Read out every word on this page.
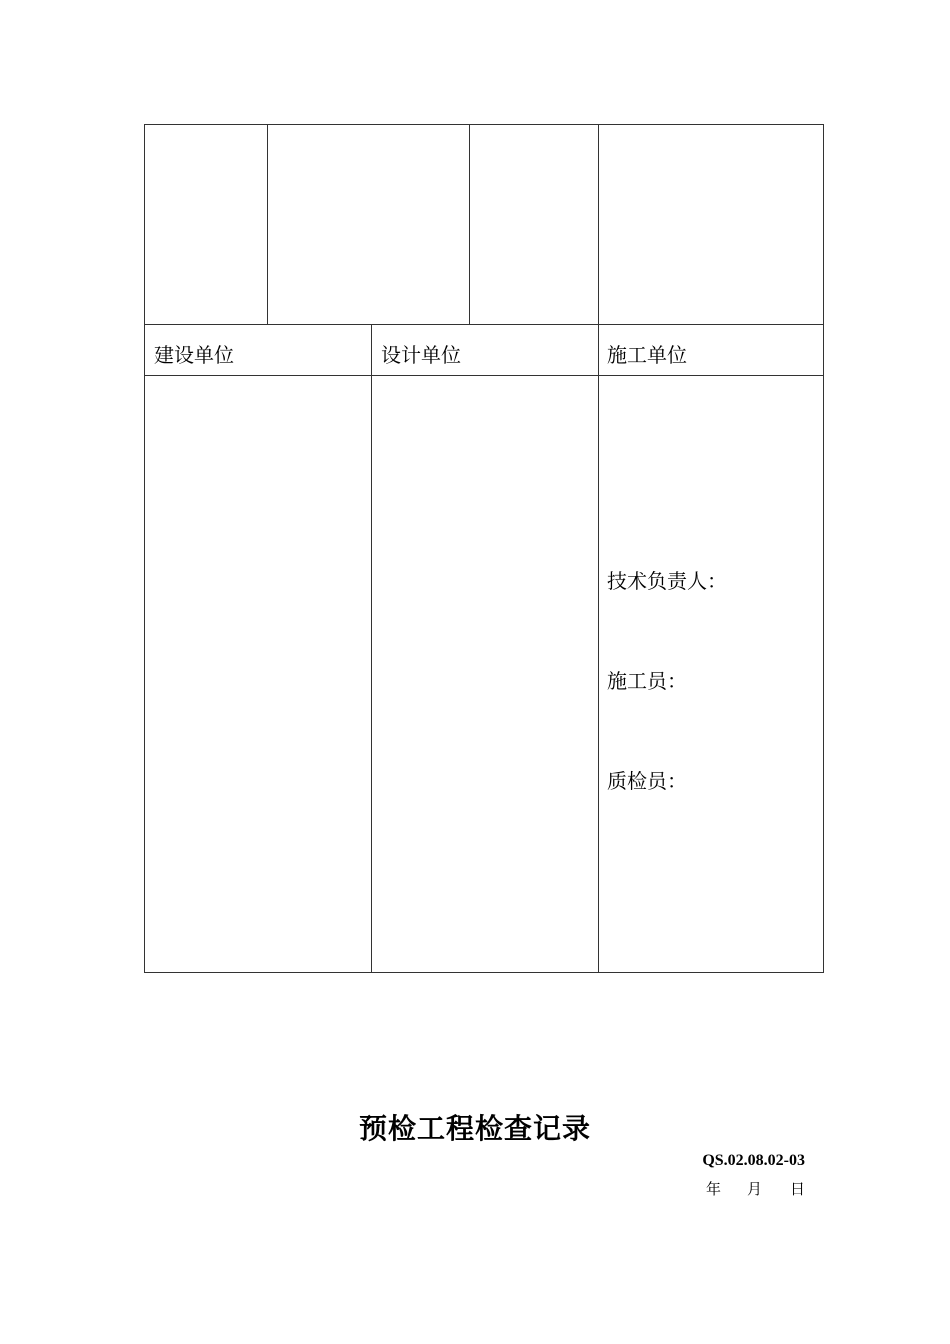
建设单位	设计单位	施工单位
技术负责人：
施工员：
质检员：
预检工程检查记录
QS.02.08.02-03
年 月 日
